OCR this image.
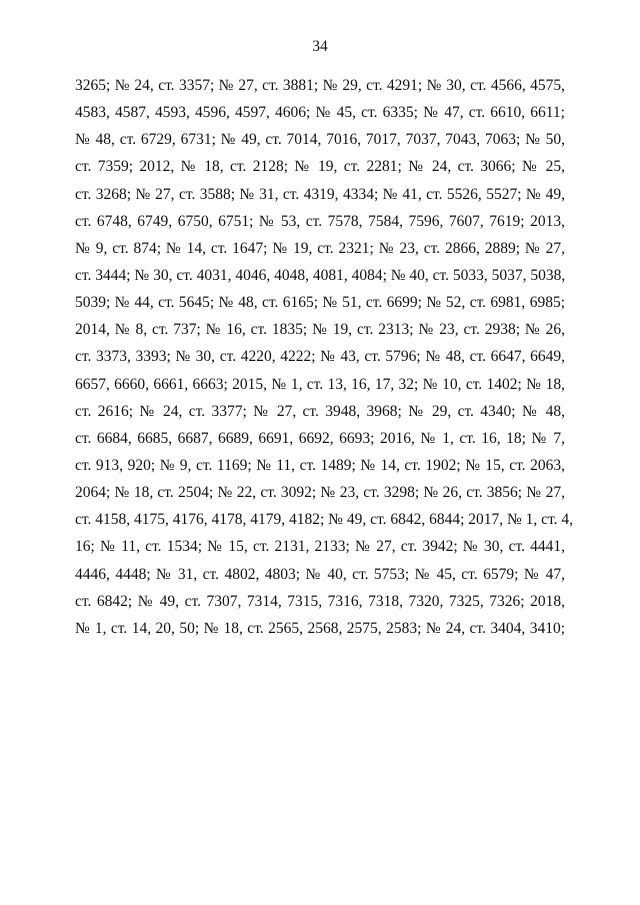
34
3265; № 24, ст. 3357; № 27, ст. 3881; № 29, ст. 4291; № 30, ст. 4566, 4575,
4583, 4587, 4593, 4596, 4597, 4606; № 45, ст. 6335; № 47, ст. 6610, 6611;
№ 48, ст. 6729, 6731; № 49, ст. 7014, 7016, 7017, 7037, 7043, 7063; № 50,
ст. 7359; 2012, № 18, ст. 2128; № 19, ст. 2281; № 24, ст. 3066; № 25,
ст. 3268; № 27, ст. 3588; № 31, ст. 4319, 4334; № 41, ст. 5526, 5527; № 49,
ст. 6748, 6749, 6750, 6751; № 53, ст. 7578, 7584, 7596, 7607, 7619; 2013,
№ 9, ст. 874; № 14, ст. 1647; № 19, ст. 2321; № 23, ст. 2866, 2889; № 27,
ст. 3444; № 30, ст. 4031, 4046, 4048, 4081, 4084; № 40, ст. 5033, 5037, 5038,
5039; № 44, ст. 5645; № 48, ст. 6165; № 51, ст. 6699; № 52, ст. 6981, 6985;
2014, № 8, ст. 737; № 16, ст. 1835; № 19, ст. 2313; № 23, ст. 2938; № 26,
ст. 3373, 3393; № 30, ст. 4220, 4222; № 43, ст. 5796; № 48, ст. 6647, 6649,
6657, 6660, 6661, 6663; 2015, № 1, ст. 13, 16, 17, 32; № 10, ст. 1402; № 18,
ст. 2616; № 24, ст. 3377; № 27, ст. 3948, 3968; № 29, ст. 4340; № 48,
ст. 6684, 6685, 6687, 6689, 6691, 6692, 6693; 2016, № 1, ст. 16, 18; № 7,
ст. 913, 920; № 9, ст. 1169; № 11, ст. 1489; № 14, ст. 1902; № 15, ст. 2063,
2064; № 18, ст. 2504; № 22, ст. 3092; № 23, ст. 3298; № 26, ст. 3856; № 27,
ст. 4158, 4175, 4176, 4178, 4179, 4182; № 49, ст. 6842, 6844; 2017, № 1, ст. 4,
16; № 11, ст. 1534; № 15, ст. 2131, 2133; № 27, ст. 3942; № 30, ст. 4441,
4446, 4448; № 31, ст. 4802, 4803; № 40, ст. 5753; № 45, ст. 6579; № 47,
ст. 6842; № 49, ст. 7307, 7314, 7315, 7316, 7318, 7320, 7325, 7326; 2018,
№ 1, ст. 14, 20, 50; № 18, ст. 2565, 2568, 2575, 2583; № 24, ст. 3404, 3410;
